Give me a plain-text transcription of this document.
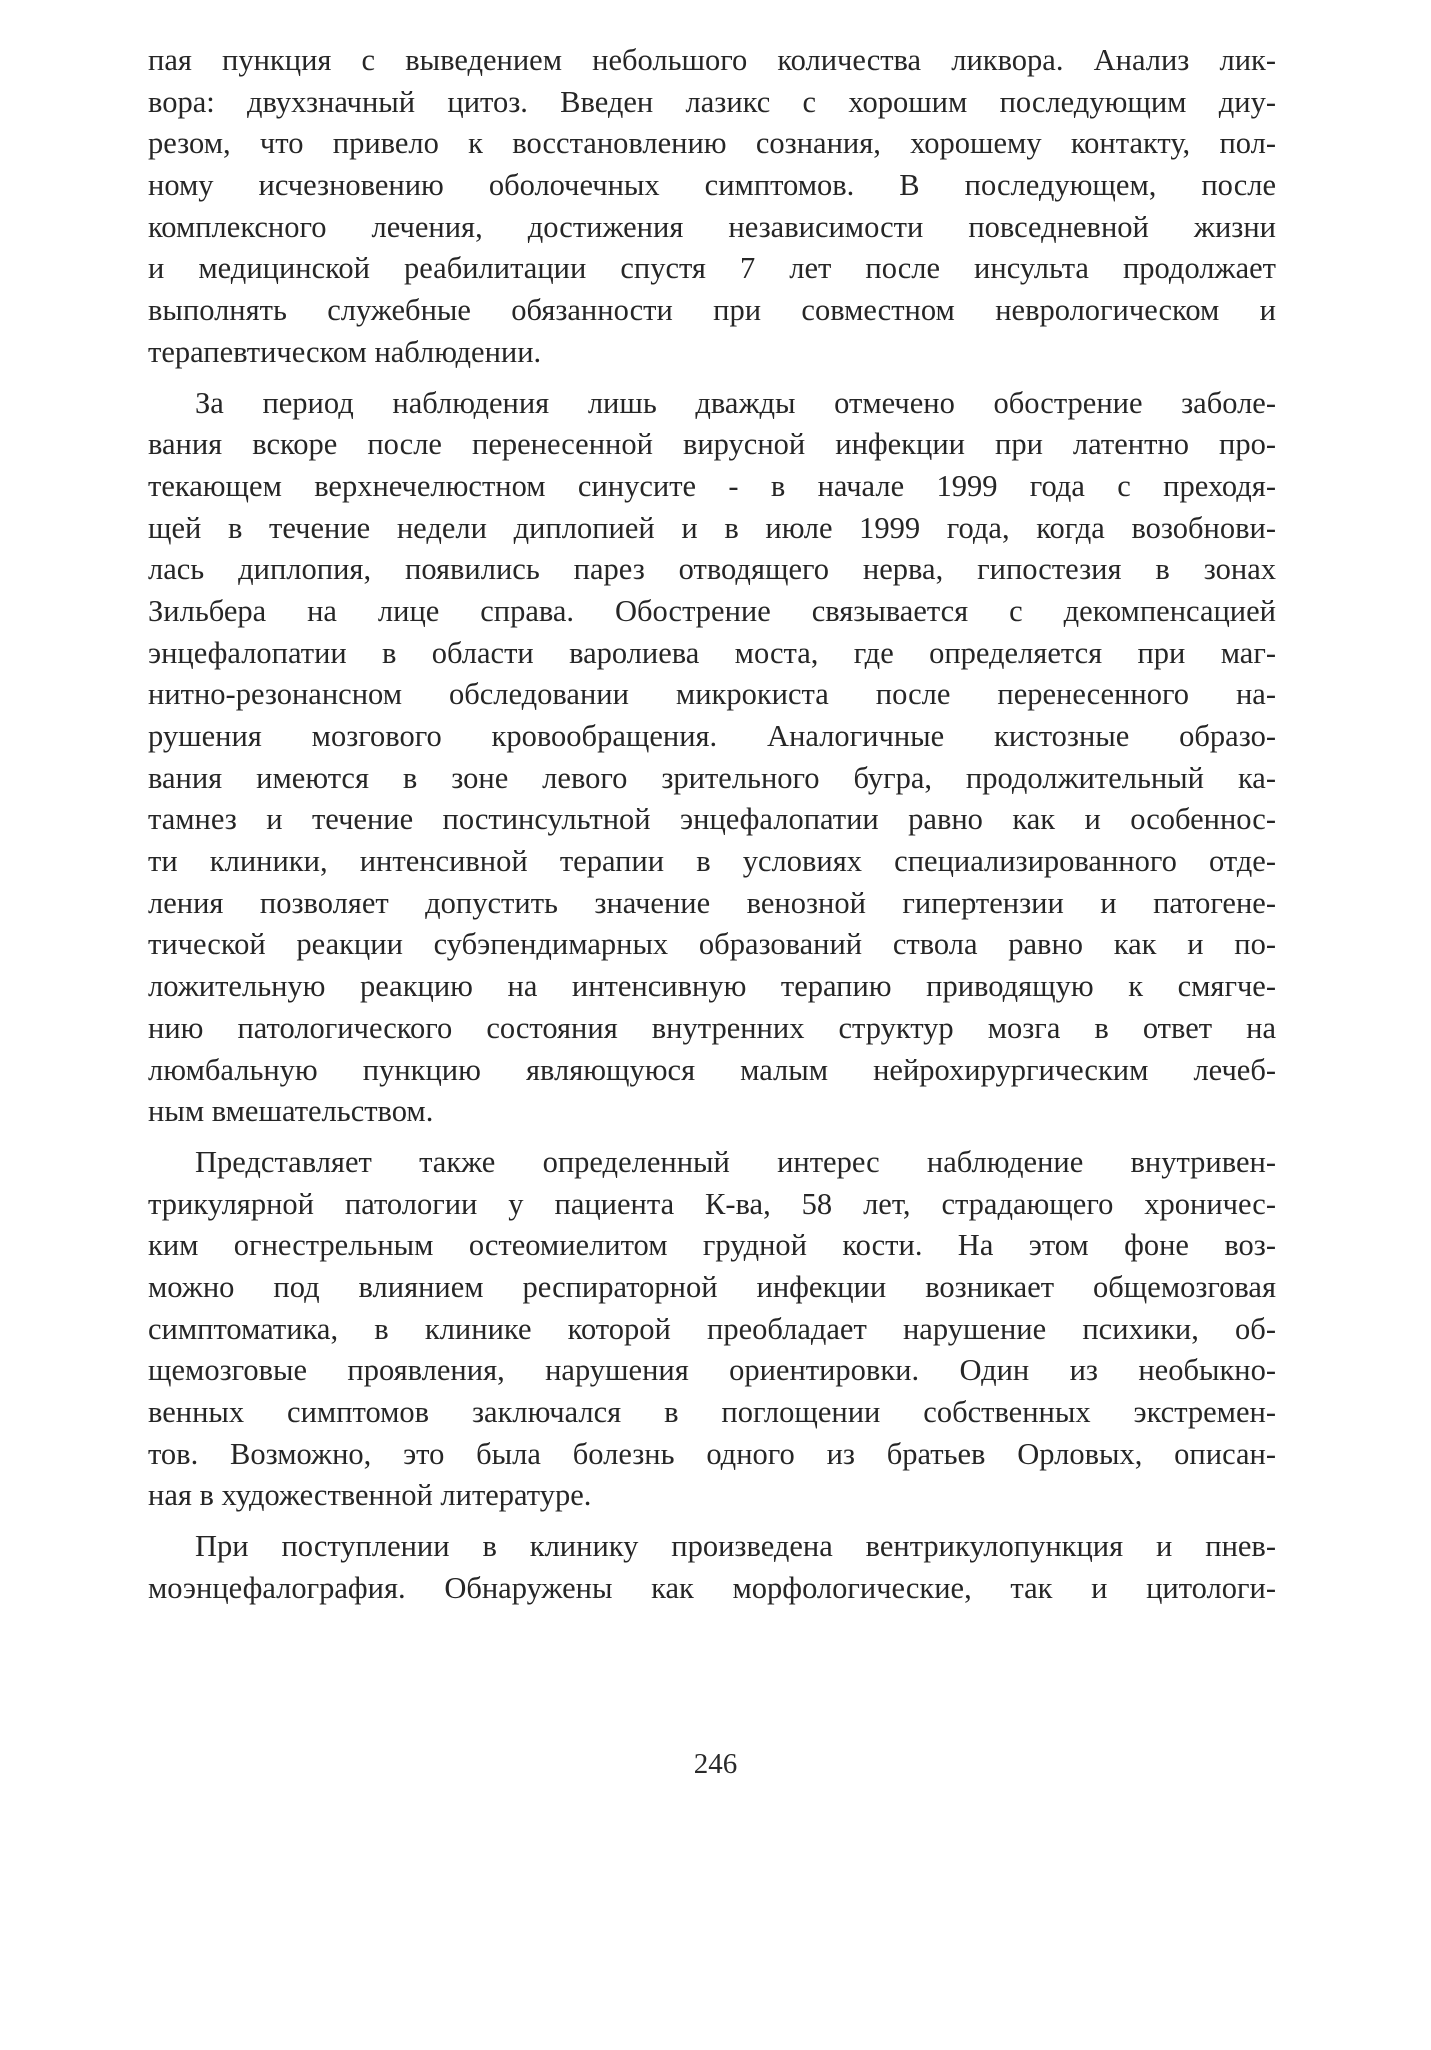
пая пункция с выведением небольшого количества ликвора. Анализ лик-
вора: двухзначный цитоз. Введен лазикс с хорошим последующим диу-
резом, что привело к восстановлению сознания, хорошему контакту, пол-
ному исчезновению оболочечных симптомов. В последующем, после
комплексного лечения, достижения независимости повседневной жизни
и медицинской реабилитации спустя 7 лет после инсульта продолжает
выполнять служебные обязанности при совместном неврологическом и
терапевтическом наблюдении.
За период наблюдения лишь дважды отмечено обострение заболе-
вания вскоре после перенесенной вирусной инфекции при латентно про-
текающем верхнечелюстном синусите - в начале 1999 года с преходя-
щей в течение недели диплопией и в июле 1999 года, когда возобнови-
лась диплопия, появились парез отводящего нерва, гипостезия в зонах
Зильбера на лице справа. Обострение связывается с декомпенсацией
энцефалопатии в области варолиева моста, где определяется при маг-
нитно-резонансном обследовании микрокиста после перенесенного на-
рушения мозгового кровообращения. Аналогичные кистозные образо-
вания имеются в зоне левого зрительного бугра, продолжительный ка-
тамнез и течение постинсультной энцефалопатии равно как и особеннос-
ти клиники, интенсивной терапии в условиях специализированного отде-
ления позволяет допустить значение венозной гипертензии и патогене-
тической реакции субэпендимарных образований ствола равно как и по-
ложительную реакцию на интенсивную терапию приводящую к смягче-
нию патологического состояния внутренних структур мозга в ответ на
люмбальную пункцию являющуюся малым нейрохирургическим лечеб-
ным вмешательством.
Представляет также определенный интерес наблюдение внутривен-
трикулярной патологии у пациента К-ва, 58 лет, страдающего хроничес-
ким огнестрельным остеомиелитом грудной кости. На этом фоне воз-
можно под влиянием респираторной инфекции возникает общемозговая
симптоматика, в клинике которой преобладает нарушение психики, об-
щемозговые проявления, нарушения ориентировки. Один из необыкно-
венных симптомов заключался в поглощении собственных экстремен-
тов. Возможно, это была болезнь одного из братьев Орловых, описан-
ная в художественной литературе.
При поступлении в клинику произведена вентрикулопункция и пнев-
моэнцефалография. Обнаружены как морфологические, так и цитологи-
246
